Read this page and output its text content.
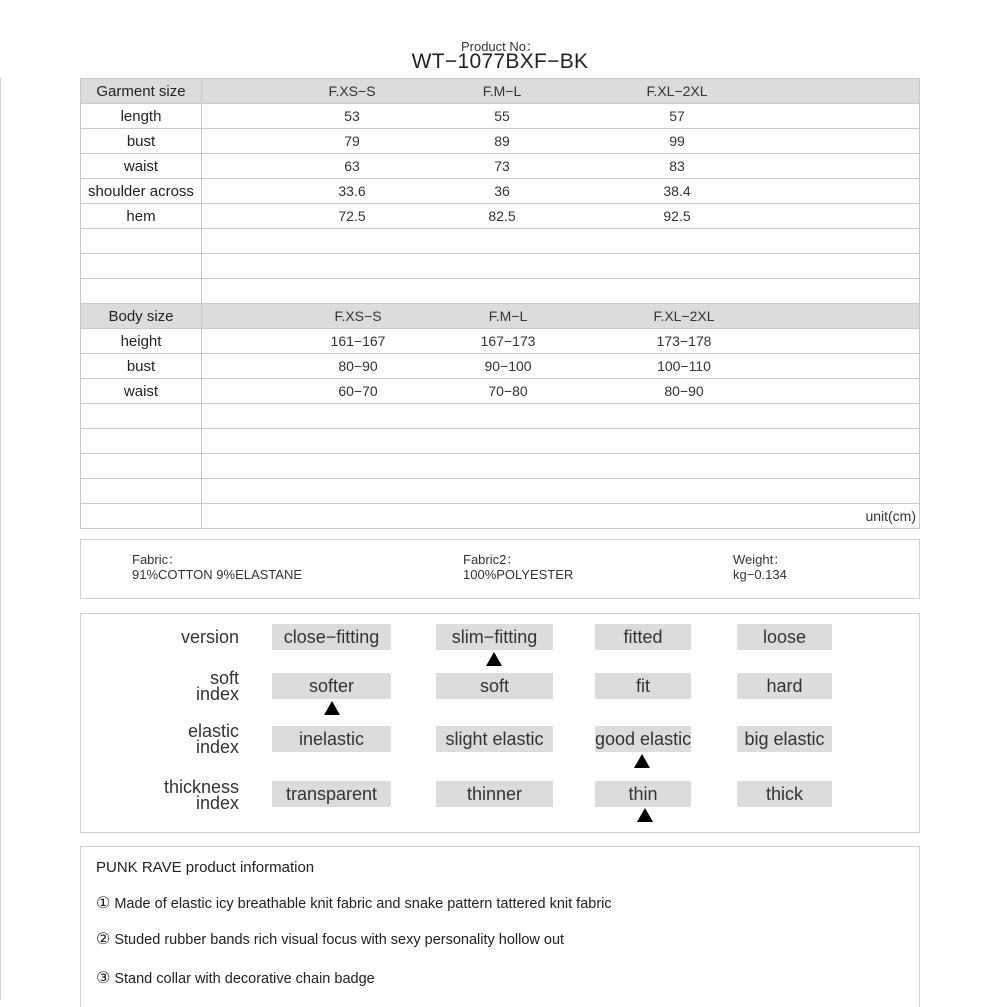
Product No：
WT−1077BXF−BK
Garment size	F.XS−S F.M−L F.XL−2XL

length	53 55 57

bust	79 89 99

waist	63 73 83

shoulder across	33.6 36 38.4

hem	72.5 82.5 92.5

Body size	F.XS−S F.M−L F.XL−2XL

height	161−167 167−173 173−178

bust	80−90 90−100 100−110

waist	60−70 70−80 80−90

	unit(cm)
Fabric：
91%COTTON 9%ELASTANE
Fabric2：
100%POLYESTER
Weight：
kg−0.134
version	close−fitting	slim−fitting	fitted	loose
soft
index	softer	soft	fit	hard
elastic
index	inelastic	slight elastic	good elastic	big elastic
thickness
index	transparent	thinner	thin	thick
PUNK RAVE product information
① Made of elastic icy breathable knit fabric and snake pattern tattered knit fabric
② Studed rubber bands rich visual focus with sexy personality hollow out
③ Stand collar with decorative chain badge
